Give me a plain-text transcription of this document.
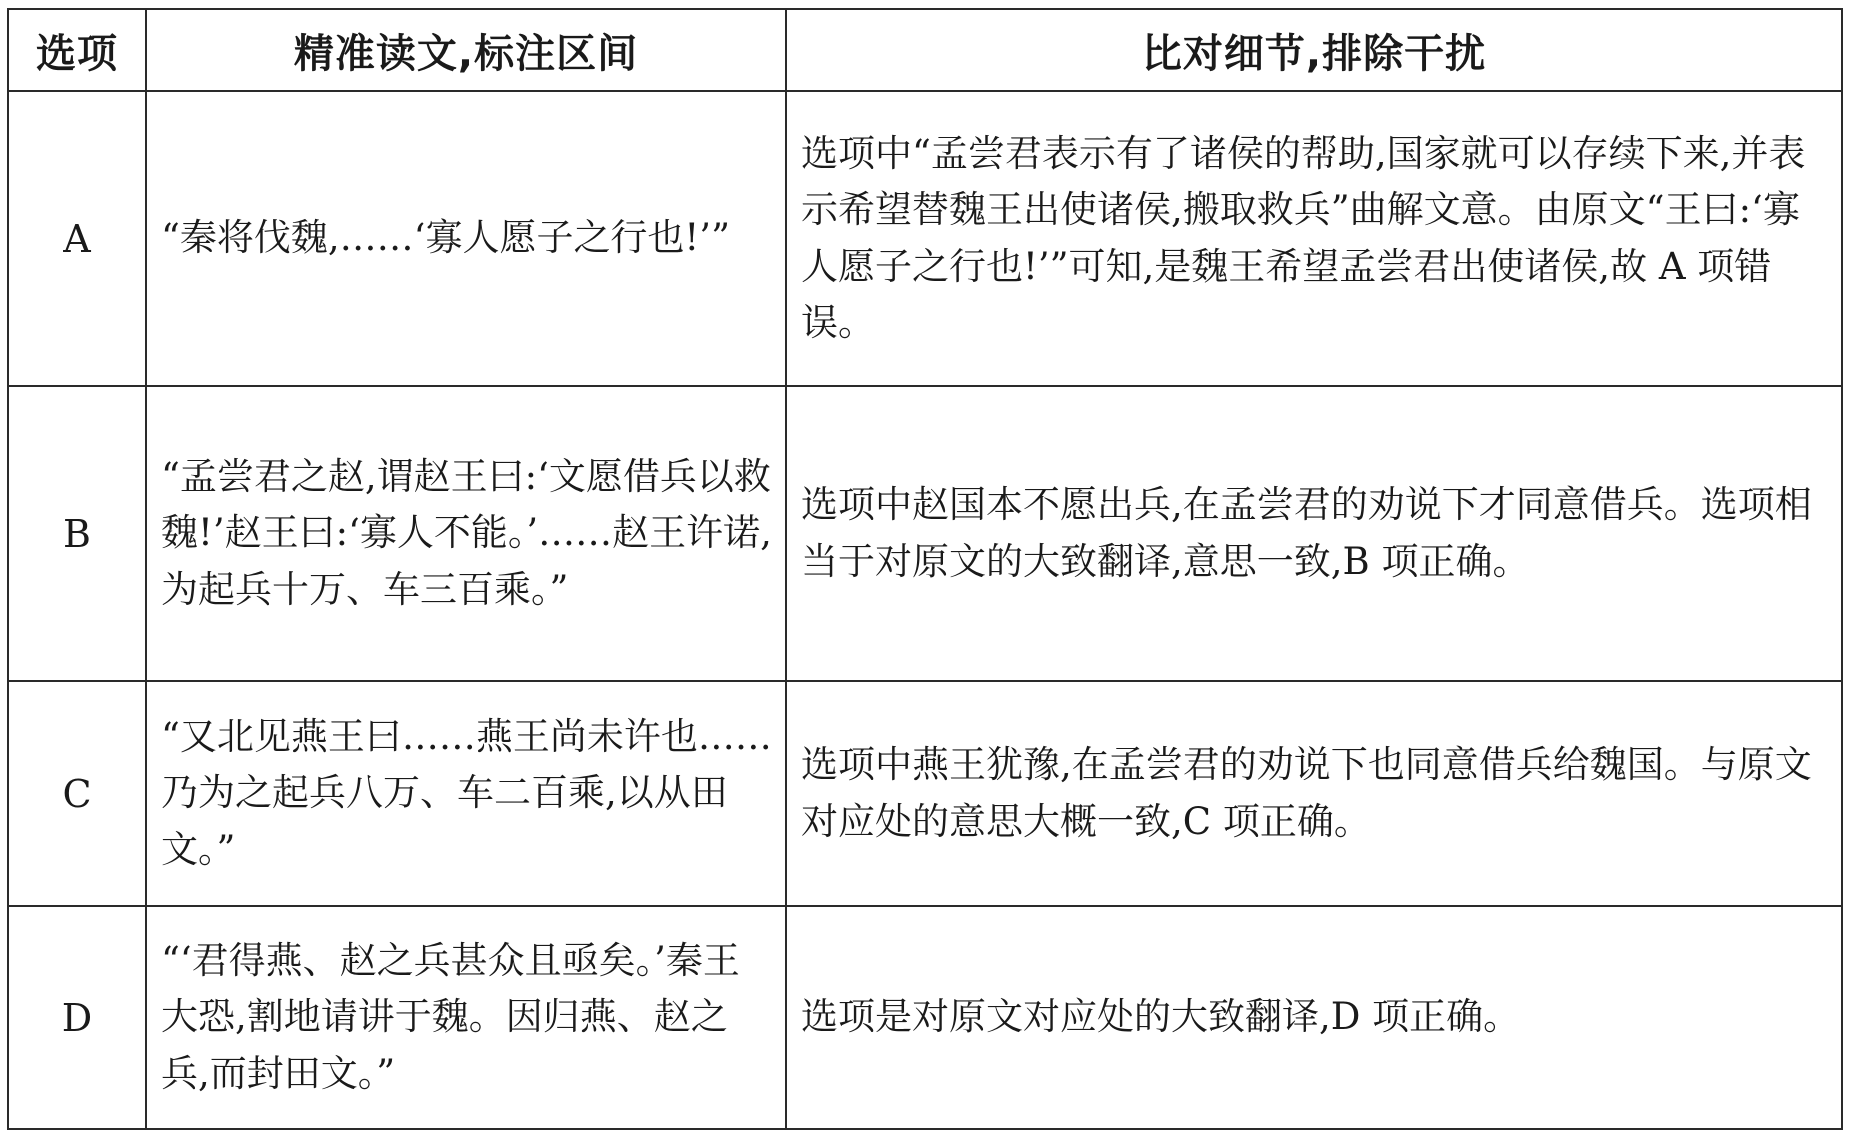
选项	精准读文,标注区间	比对细节,排除干扰
A	“秦将伐魏,……‘寡人愿子之行也!’”	选项中“孟尝君表示有了诸侯的帮助,国家就可以存续下来,并表示希望替魏王出使诸侯,搬取救兵”曲解文意。由原文“王曰:‘寡人愿子之行也!’”可知,是魏王希望孟尝君出使诸侯,故 A 项错误。
B	“孟尝君之赵,谓赵王曰:‘文愿借兵以救魏!’赵王曰:‘寡人不能。’……赵王许诺,为起兵十万、车三百乘。”	选项中赵国本不愿出兵,在孟尝君的劝说下才同意借兵。选项相当于对原文的大致翻译,意思一致,B 项正确。
C	“又北见燕王曰……燕王尚未许也……乃为之起兵八万、车二百乘,以从田文。”	选项中燕王犹豫,在孟尝君的劝说下也同意借兵给魏国。与原文对应处的意思大概一致,C 项正确。
D	“‘君得燕、赵之兵甚众且亟矣。’秦王大恐,割地请讲于魏。因归燕、赵之兵,而封田文。”	选项是对原文对应处的大致翻译,D 项正确。
